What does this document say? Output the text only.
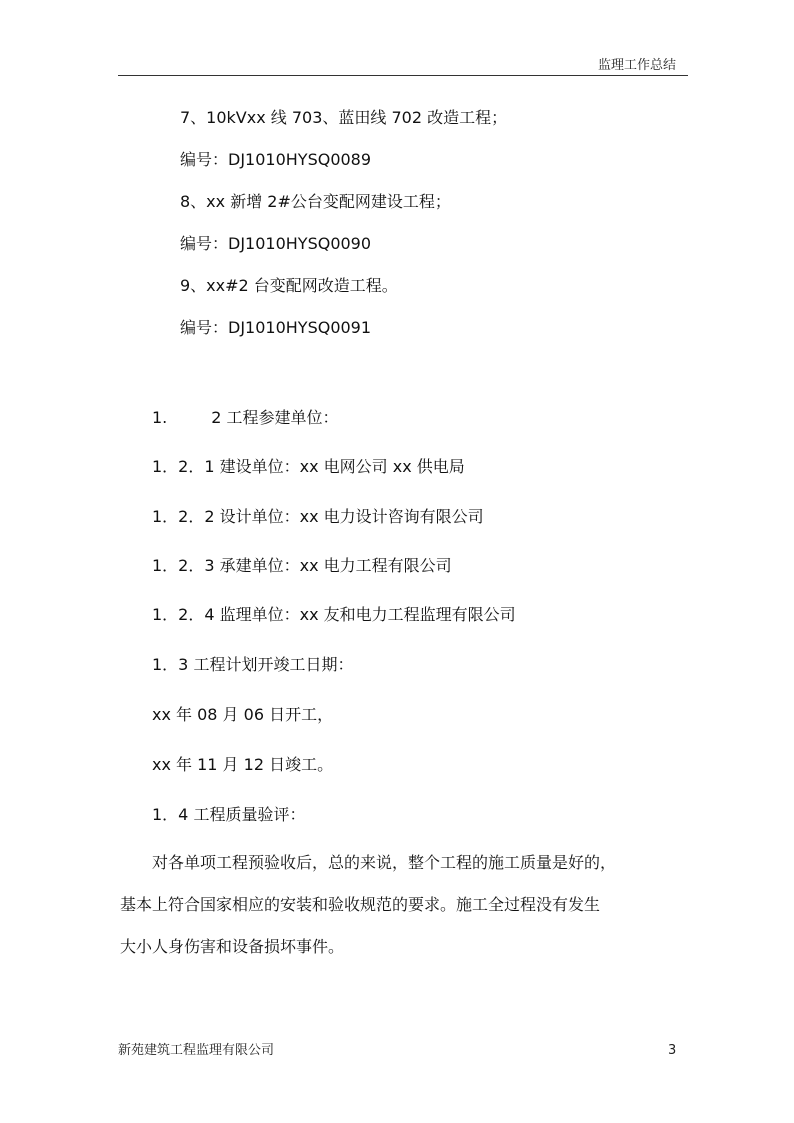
监理工作总结
7、10kVxx 线 703、蓝田线 702 改造工程；
编号：DJ1010HYSQ0089
8、xx 新增 2#公台变配网建设工程；
编号：DJ1010HYSQ0090
9、xx#2 台变配网改造工程。
编号：DJ1010HYSQ0091
1.	2 工程参建单位：
1．2．1 建设单位：xx 电网公司 xx 供电局
1．2．2 设计单位：xx 电力设计咨询有限公司
1．2．3 承建单位：xx 电力工程有限公司
1．2．4 监理单位：xx 友和电力工程监理有限公司
1．3 工程计划开竣工日期：
xx 年 08 月 06 日开工，
xx 年 11 月 12 日竣工。
1．4 工程质量验评：
对各单项工程预验收后，总的来说，整个工程的施工质量是好的，
基本上符合国家相应的安装和验收规范的要求。施工全过程没有发生
大小人身伤害和设备损坏事件。
新苑建筑工程监理有限公司	3
